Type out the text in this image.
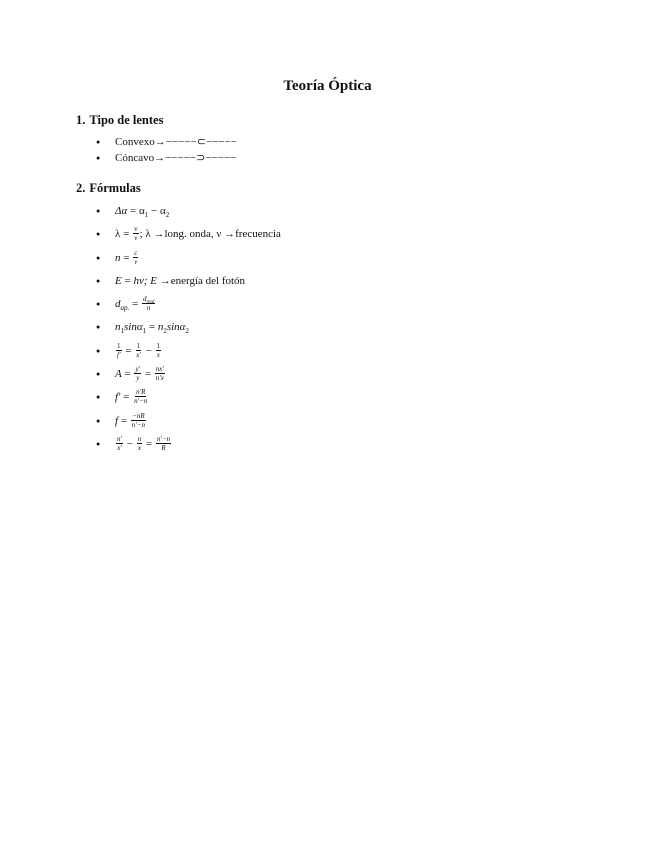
Teoría Óptica
1. Tipo de lentes
● Convexo→−−−−−⊂−−−−−
● Cóncavo→−−−−−⊃−−−−−
2. Fórmulas
● $\Delta\alpha = \alpha_1 - \alpha_2$
● $\lambda = \frac{v}{\nu}$ ; λ →long. onda, ν →frecuencia
● $n = \frac{c}{v}$
● E = hν; E →energía del fotón
● $d_{ap.} = \frac{d_{real}}{n}$
● $n_1\sin\alpha_1 = n_2\sin\alpha_2$
● $\frac{1}{f'} = \frac{1}{x'} - \frac{1}{x}$
● $A = \frac{y'}{y} = \frac{nx'}{n'x}$
● $f' = \frac{n'R}{n'-n}$
● $f = \frac{-nR}{n'-n}$
● $\frac{n'}{x'} - \frac{n}{x} = \frac{n'-n}{R}$
